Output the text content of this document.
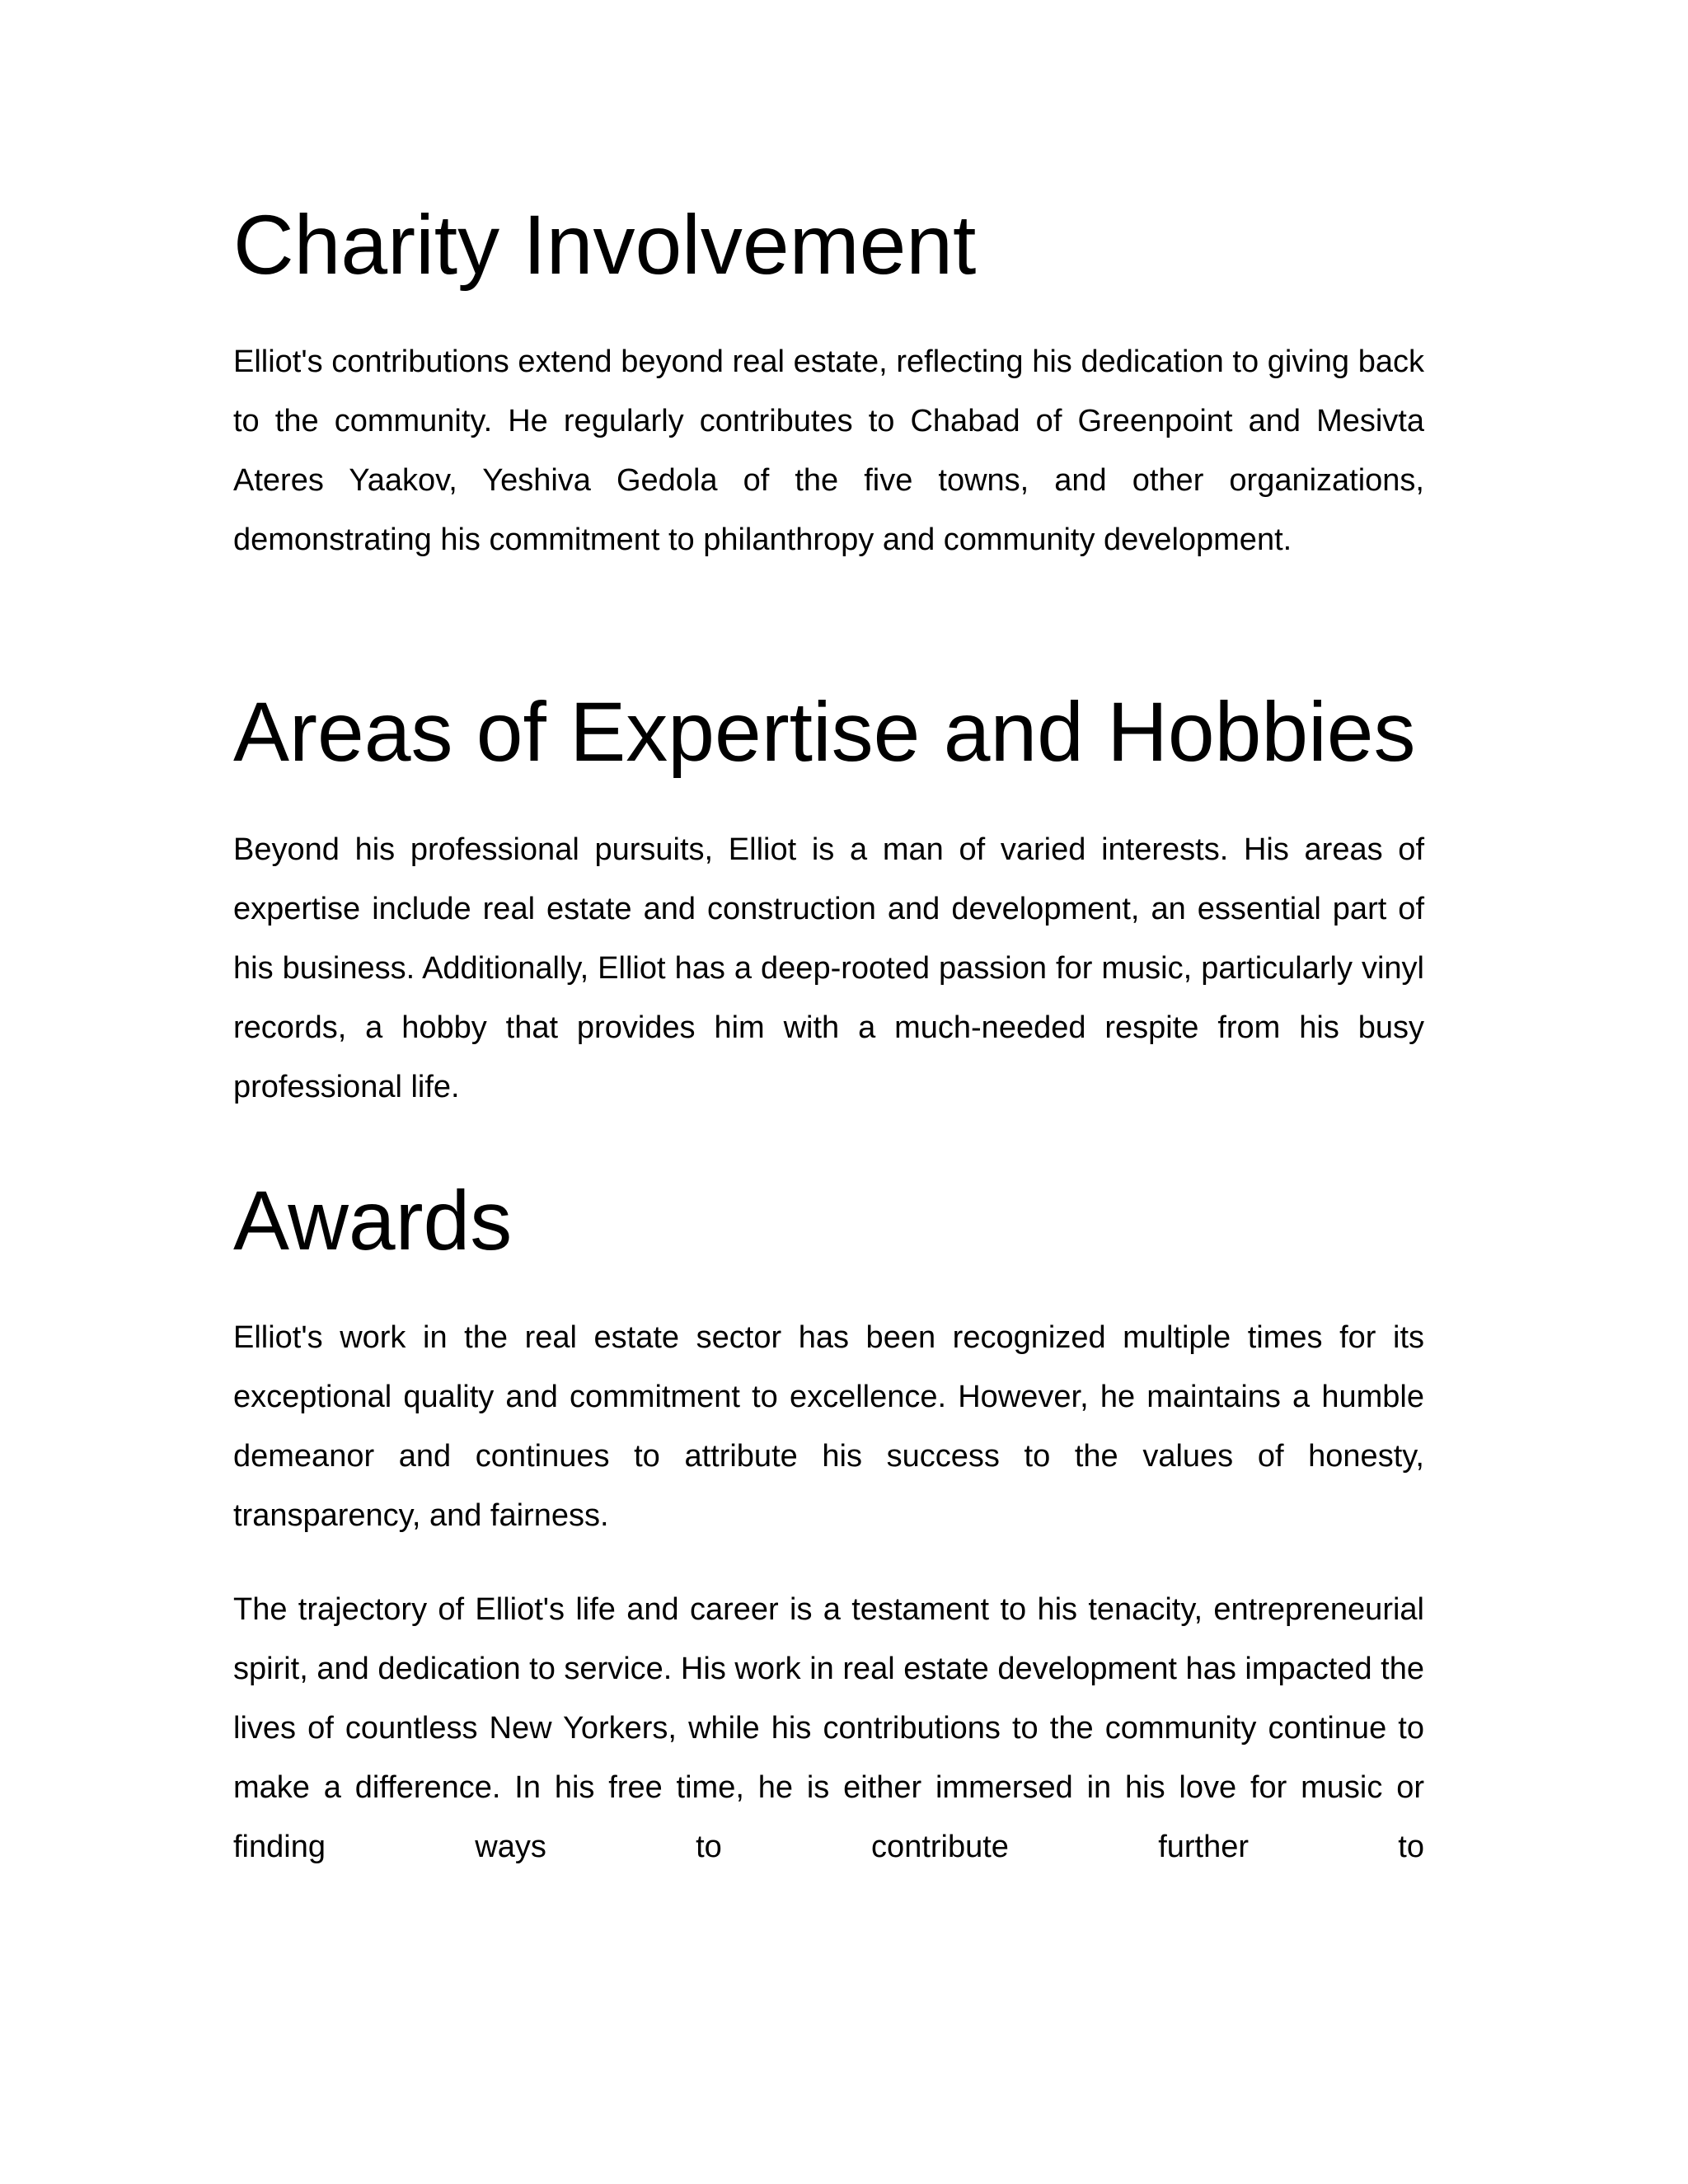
Charity Involvement

Elliot's contributions extend beyond real estate, reflecting his dedication to giving back to the community. He regularly contributes to Chabad of Greenpoint and Mesivta Ateres Yaakov, Yeshiva Gedola of the five towns, and other organizations, demonstrating his commitment to philanthropy and community development.

Areas of Expertise and Hobbies

Beyond his professional pursuits, Elliot is a man of varied interests. His areas of expertise include real estate and construction and development, an essential part of his business. Additionally, Elliot has a deep-rooted passion for music, particularly vinyl records, a hobby that provides him with a much-needed respite from his busy professional life.

Awards

Elliot's work in the real estate sector has been recognized multiple times for its exceptional quality and commitment to excellence. However, he maintains a humble demeanor and continues to attribute his success to the values of honesty, transparency, and fairness.

The trajectory of Elliot's life and career is a testament to his tenacity, entrepreneurial spirit, and dedication to service. His work in real estate development has impacted the lives of countless New Yorkers, while his contributions to the community continue to make a difference. In his free time, he is either immersed in his love for music or finding ways to contribute further to
